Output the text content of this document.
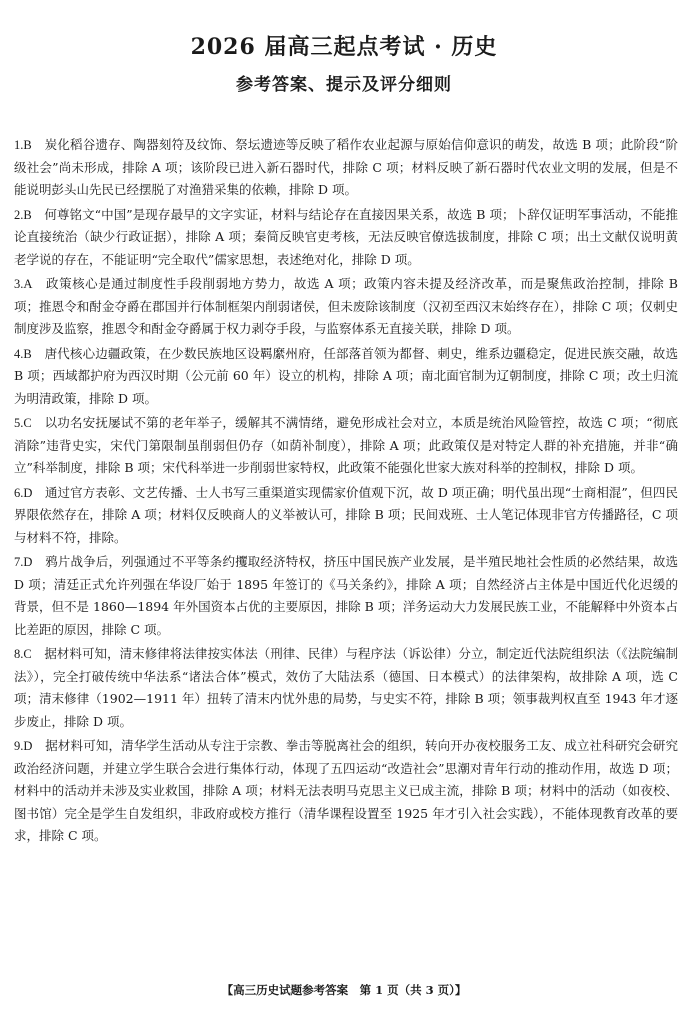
2026 届高三起点考试 · 历史
参考答案、提示及评分细则

1.B　 炭化稻谷遗存、陶器刻符及纹饰、祭坛遗迹等反映了稻作农业起源与原始信仰意识的萌发，故选 B 项；此阶段“阶级社会”尚未形成，排除 A 项；该阶段已进入新石器时代，排除 C 项；材料反映了新石器时代农业文明的发展，但是不能说明彭头山先民已经摆脱了对渔猎采集的依赖，排除 D 项。

2.B　 何尊铭文“中国”是现存最早的文字实证，材料与结论存在直接因果关系，故选 B 项；卜辞仅证明军事活动，不能推论直接统治（缺少行政证据），排除 A 项；秦简反映官吏考核，无法反映官僚选拔制度，排除 C 项；出土文献仅说明黄老学说的存在，不能证明“完全取代”儒家思想，表述绝对化，排除 D 项。

3.A　 政策核心是通过制度性手段削弱地方势力，故选 A 项；政策内容未提及经济改革，而是聚焦政治控制，排除 B 项；推恩令和酎金夺爵在郡国并行体制框架内削弱诸侯，但未废除该制度（汉初至西汉末始终存在），排除 C 项；仅刺史制度涉及监察，推恩令和酎金夺爵属于权力剥夺手段，与监察体系无直接关联，排除 D 项。

4.B　 唐代核心边疆政策，在少数民族地区设羁縻州府，任部落首领为都督、刺史，维系边疆稳定，促进民族交融，故选 B 项；西域都护府为西汉时期（公元前 60 年）设立的机构，排除 A 项；南北面官制为辽朝制度，排除 C 项；改土归流为明清政策，排除 D 项。

5.C　 以功名安抚屡试不第的老年举子，缓解其不满情绪，避免形成社会对立，本质是统治风险管控，故选 C 项；“彻底消除”违背史实，宋代门第限制虽削弱但仍存（如荫补制度），排除 A 项；此政策仅是对特定人群的补充措施，并非“确立”科举制度，排除 B 项；宋代科举进一步削弱世家特权，此政策不能强化世家大族对科举的控制权，排除 D 项。

6.D　 通过官方表彰、文艺传播、士人书写三重渠道实现儒家价值观下沉，故 D 项正确；明代虽出现“士商相混”，但四民界限依然存在，排除 A 项；材料仅反映商人的义举被认可，排除 B 项；民间戏班、士人笔记体现非官方传播路径，C 项与材料不符，排除。

7.D　 鸦片战争后，列强通过不平等条约攫取经济特权，挤压中国民族产业发展，是半殖民地社会性质的必然结果，故选 D 项；清廷正式允许列强在华设厂始于 1895 年签订的《马关条约》，排除 A 项；自然经济占主体是中国近代化迟缓的背景，但不是 1860—1894 年外国资本占优的主要原因，排除 B 项；洋务运动大力发展民族工业，不能解释中外资本占比差距的原因，排除 C 项。

8.C　 据材料可知，清末修律将法律按实体法（刑律、民律）与程序法（诉讼律）分立，制定近代法院组织法（《法院编制法》），完全打破传统中华法系“诸法合体”模式，效仿了大陆法系（德国、日本模式）的法律架构，故排除 A 项，选 C 项；清末修律（1902—1911 年）扭转了清末内忧外患的局势，与史实不符，排除 B 项；领事裁判权直至 1943 年才逐步废止，排除 D 项。

9.D　 据材料可知，清华学生活动从专注于宗教、拳击等脱离社会的组织，转向开办夜校服务工友、成立社科研究会研究政治经济问题，并建立学生联合会进行集体行动，体现了五四运动“改造社会”思潮对青年行动的推动作用，故选 D 项；材料中的活动并未涉及实业救国，排除 A 项；材料无法表明马克思主义已成主流，排除 B 项；材料中的活动（如夜校、图书馆）完全是学生自发组织，非政府或校方推行（清华课程设置至 1925 年才引入社会实践），不能体现教育改革的要求，排除 C 项。

【高三历史试题参考答案　第 1 页（共 3 页）】
